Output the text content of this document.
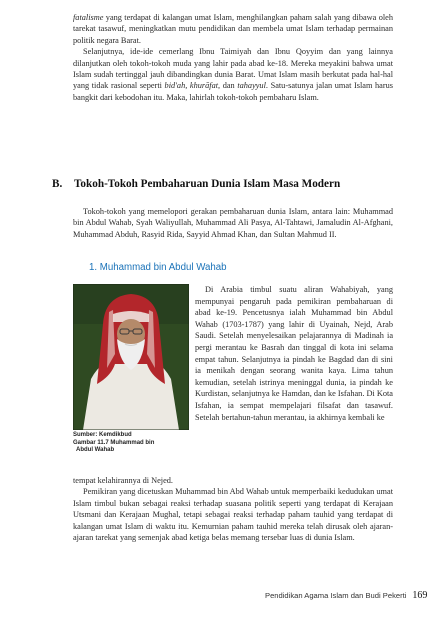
fatalisme yang terdapat di kalangan umat Islam, menghilangkan paham salah yang dibawa oleh tarekat tasawuf, meningkatkan mutu pendidikan dan membela umat Islam terhadap permainan politik negara Barat.

Selanjutnya, ide-ide cemerlang Ibnu Taimiyah dan Ibnu Qoyyim dan yang lainnya dilanjutkan oleh tokoh-tokoh muda yang lahir pada abad ke-18. Mereka meyakini bahwa umat Islam sudah tertinggal jauh dibandingkan dunia Barat. Umat Islam masih berkutat pada hal-hal yang tidak rasional seperti bid'ah, khurāfat, dan tahayyul. Satu-satunya jalan umat Islam harus bangkit dari kebodohan itu. Maka, lahirlah tokoh-tokoh pembaharu Islam.

B. Tokoh-Tokoh Pembaharuan Dunia Islam Masa Modern

Tokoh-tokoh yang memelopori gerakan pembaharuan dunia Islam, antara lain: Muhammad bin Abdul Wahab, Syah Waliyullah, Muhammad Ali Pasya, Al-Tahtawi, Jamaludin Al-Afghani, Muhammad Abduh, Rasyid Rida, Sayyid Ahmad Khan, dan Sultan Mahmud II.

1. Muhammad bin Abdul Wahab
Sumber: Kemdikbud
Gambar 11.7 Muhammad bin
Abdul Wahab

Di Arabia timbul suatu aliran Wahabiyah, yang mempunyai pengaruh pada pemikiran pembaharuan di abad ke-19. Pencetusnya ialah Muhammad bin Abdul Wahab (1703-1787) yang lahir di Uyainah, Nejd, Arab Saudi. Setelah menyelesaikan pelajarannya di Madinah ia pergi merantau ke Basrah dan tinggal di kota ini selama empat tahun. Selanjutnya ia pindah ke Bagdad dan di sini ia menikah dengan seorang wanita kaya. Lima tahun kemudian, setelah istrinya meninggal dunia, ia pindah ke Kurdistan, selanjutnya ke Hamdan, dan ke Isfahan. Di Kota Isfahan, ia sempat mempelajari filsafat dan tasawuf. Setelah bertahun-tahun merantau, ia akhirnya kembali ke

tempat kelahirannya di Nejed.

Pemikiran yang dicetuskan Muhammad bin Abd Wahab untuk memperbaiki kedudukan umat Islam timbul bukan sebagai reaksi terhadap suasana politik seperti yang terdapat di Kerajaan Utsmani dan Kerajaan Mughal, tetapi sebagai reaksi terhadap paham tauhid yang terdapat di kalangan umat Islam di waktu itu. Kemurnian paham tauhid mereka telah dirusak oleh ajaran-ajaran tarekat yang semenjak abad ketiga belas memang tersebar luas di dunia Islam.

Pendidikan Agama Islam dan Budi Pekerti 169
